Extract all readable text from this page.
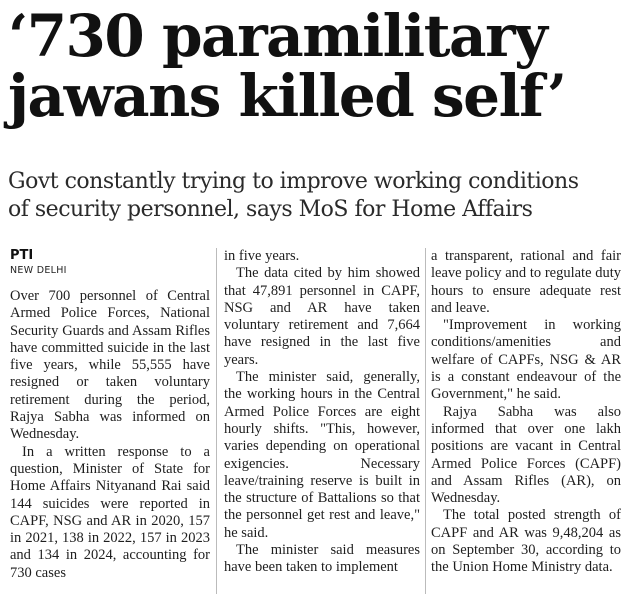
‘730 paramilitary
jawans killed self’
Govt constantly trying to improve working conditions
of security personnel, says MoS for Home Affairs
PTI
NEW DELHI

Over 700 personnel of Central Armed Police Forces, National Security Guards and Assam Rifles have committed suicide in the last five years, while 55,555 have resigned or taken voluntary retirement during the period, Rajya Sabha was informed on Wednesday.

In a written response to a question, Minister of State for Home Affairs Nityanand Rai said 144 suicides were reported in CAPF, NSG and AR in 2020, 157 in 2021, 138 in 2022, 157 in 2023 and 134 in 2024, accounting for 730 cases

in five years.

The data cited by him showed that 47,891 personnel in CAPF, NSG and AR have taken voluntary retirement and 7,664 have resigned in the last five years.

The minister said, generally, the working hours in the Central Armed Police Forces are eight hourly shifts. "This, however, varies depending on operational exigencies. Necessary leave/training reserve is built in the structure of Battalions so that the personnel get rest and leave," he said.

The minister said measures have been taken to implement

a transparent, rational and fair leave policy and to regulate duty hours to ensure adequate rest and leave.

"Improvement in working conditions/amenities and welfare of CAPFs, NSG & AR is a constant endeavour of the Government," he said.

Rajya Sabha was also informed that over one lakh positions are vacant in Central Armed Police Forces (CAPF) and Assam Rifles (AR), on Wednesday.

The total posted strength of CAPF and AR was 9,48,204 as on September 30, according to the Union Home Ministry data.
